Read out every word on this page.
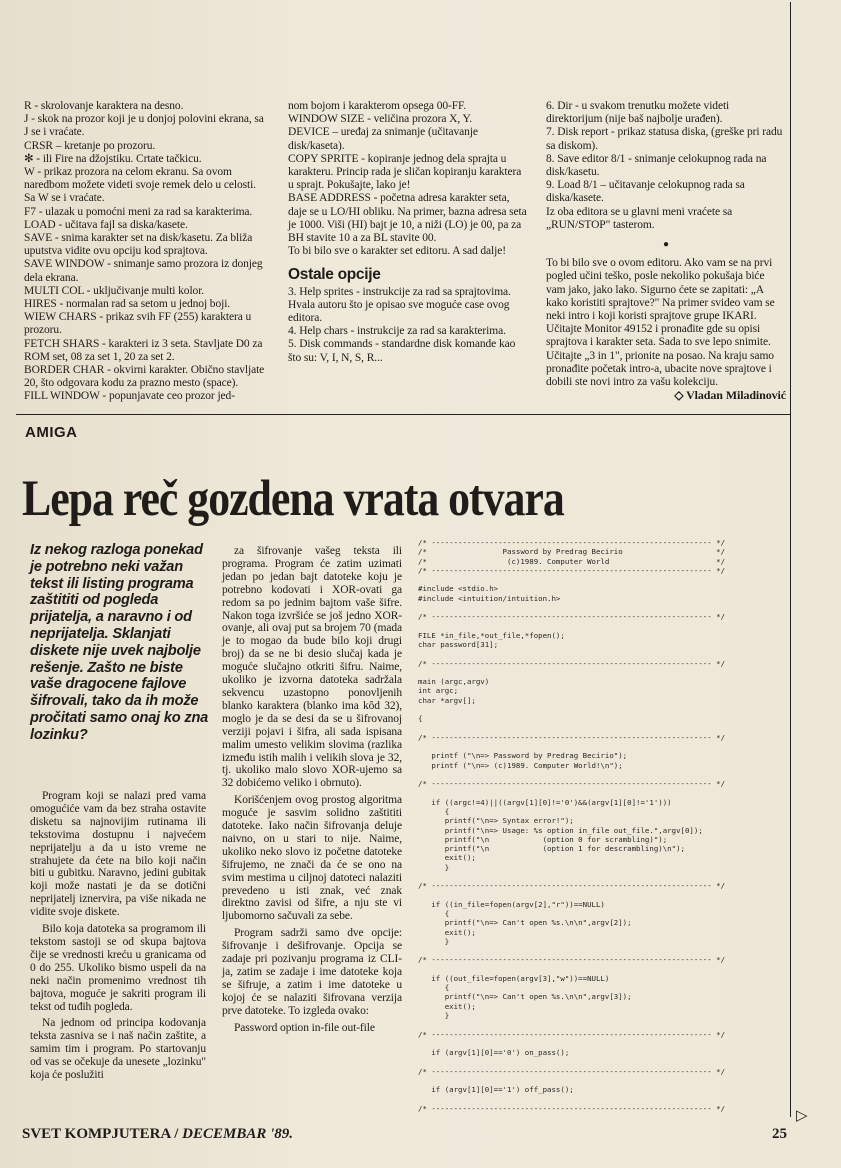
R - skrolovanje karaktera na desno.

J - skok na prozor koji je u donjoj polovini ekrana, sa J se i vraćate.

CRSR – kretanje po prozoru.

✻ - ili Fire na džojstiku. Crtate tačkicu.

W - prikaz prozora na celom ekranu. Sa ovom naredbom možete videti svoje remek delo u celosti. Sa W se i vraćate.

F7 - ulazak u pomoćni meni za rad sa karakterima.

LOAD - učitava fajl sa diska/kasete.

SAVE - snima karakter set na disk/kasetu. Za bliža uputstva vidite ovu opciju kod sprajtova.

SAVE WINDOW - snimanje samo prozora iz donjeg dela ekrana.

MULTI COL - uključivanje multi kolor.

HIRES - normalan rad sa setom u jednoj boji.

WIEW CHARS - prikaz svih FF (255) karaktera u prozoru.

FETCH SHARS - karakteri iz 3 seta. Stavljate D0 za ROM set, 08 za set 1, 20 za set 2.

BORDER CHAR - okvirni karakter. Obično stavljate 20, što odgovara kodu za prazno mesto (space).

FILL WINDOW - popunjavate ceo prozor jed-

nom bojom i karakterom opsega 00-FF.

WINDOW SIZE - veličina prozora X, Y.

DEVICE – uređaj za snimanje (učitavanje disk/kaseta).

COPY SPRITE - kopiranje jednog dela sprajta u karakteru. Princip rada je sličan kopiranju karaktera u sprajt. Pokušajte, lako je!

BASE ADDRESS - početna adresa karakter seta, daje se u LO/HI obliku. Na primer, bazna adresa seta je 1000. Viši (HI) bajt je 10, a niži (LO) je 00, pa za BH stavite 10 a za BL stavite 00.

To bi bilo sve o karakter set editoru. A sad dalje!

Ostale opcije

3. Help sprites - instrukcije za rad sa sprajtovima. Hvala autoru što je opisao sve moguće case ovog editora.

4. Help chars - instrukcije za rad sa karakterima.

5. Disk commands - standardne disk komande kao što su: V, I, N, S, R...

6. Dir - u svakom trenutku možete videti direktorijum (nije baš najbolje urađen).

7. Disk report - prikaz statusa diska, (greške pri radu sa diskom).

8. Save editor 8/1 - snimanje celokupnog rada na disk/kasetu.

9. Load 8/1 – učitavanje celokupnog rada sa diska/kasete.

Iz oba editora se u glavni meni vraćete sa „RUN/STOP" tasterom.

●

To bi bilo sve o ovom editoru. Ako vam se na prvi pogled učini teško, posle nekoliko pokušaja biće vam jako, jako lako. Sigurno ćete se zapitati: „A kako koristiti sprajtove?" Na primer svideo vam se neki intro i koji koristi sprajtove grupe IKARI. Učitajte Monitor 49152 i pronađite gde su opisi sprajtova i karakter seta. Sada to sve lepo snimite. Učitajte „3 in 1", prionite na posao. Na kraju samo pronađite početak intro-a, ubacite nove sprajtove i dobili ste novi intro za vašu kolekciju.

◇ Vladan Miladinović
AMIGA
Lepa reč gozdena vrata otvara
Iz nekog razloga ponekad je potrebno neki važan tekst ili listing programa zaštititi od pogleda prijatelja, a naravno i od neprijatelja. Sklanjati diskete nije uvek najbolje rešenje. Zašto ne biste vaše dragocene fajlove šifrovali, tako da ih može pročitati samo onaj ko zna lozinku?

Program koji se nalazi pred vama omogućiće vam da bez straha ostavite disketu sa najnovijim rutinama ili tekstovima dostupnu i najvećem neprijatelju a da u isto vreme ne strahujete da ćete na bilo koji način biti u gubitku. Naravno, jedini gubitak koji može nastati je da se dotični neprijatelj iznervira, pa više nikada ne vidite svoje diskete.

Bilo koja datoteka sa programom ili tekstom sastoji se od skupa bajtova čije se vrednosti kreću u granicama od 0 do 255. Ukoliko bismo uspeli da na neki način promenimo vrednost tih bajtova, moguće je sakriti program ili tekst od tuđih pogleda.

Na jednom od principa kodovanja teksta zasniva se i naš način zaštite, a samim tim i program. Po startovanju od vas se očekuje da unesete „lozinku" koja će poslužiti

za šifrovanje vašeg teksta ili programa. Program će zatim uzimati jedan po jedan bajt datoteke koju je potrebno kodovati i XOR-ovati ga redom sa po jednim bajtom vaše šifre. Nakon toga izvršiće se još jedno XOR-ovanje, ali ovaj put sa brojem 70 (mada je to mogao da bude bilo koji drugi broj) da se ne bi desio slučaj kada je moguće slučajno otkriti šifru. Naime, ukoliko je izvorna datoteka sadržala sekvencu uzastopno ponovljenih blanko karaktera (blanko ima kôd 32), moglo je da se desi da se u šifrovanoj verziji pojavi i šifra, ali sada ispisana malim umesto velikim slovima (razlika između istih malih i velikih slova je 32, tj. ukoliko malo slovo XOR-ujemo sa 32 dobićemo veliko i obrnuto).

Korišćenjem ovog prostog algoritma moguće je sasvim solidno zaštititi datoteke. Iako način šifrovanja deluje naivno, on u stari to nije. Naime, ukoliko neko slovo iz početne datoteke šifrujemo, ne znači da će se ono na svim mestima u ciljnoj datoteci nalaziti prevedeno u isti znak, već znak direktno zavisi od šifre, a nju ste vi ljubomorno sačuvali za sebe.

Program sadrži samo dve opcije: šifrovanje i dešifrovanje. Opcija se zadaje pri pozivanju programa iz CLI-ja, zatim se zadaje i ime datoteke koja se šifruje, a zatim i ime datoteke u kojoj će se nalaziti šifrovana verzija prve datoteke. To izgleda ovako:

Password option in-file out-file

/* --------------------------------------------------------------- */
/*                 Password by Predrag Becirio                     */
/*                  (c)1989. Computer World                        */
/* --------------------------------------------------------------- */
#include <stdio.h>
#include <intuition/intuition.h>
/* --------------------------------------------------------------- */
FILE *in_file,*out_file,*fopen();
char password[31];
/* --------------------------------------------------------------- */
main (argc,argv)
int argc;
char *argv[];
{
/* --------------------------------------------------------------- */
printf ("\n=> Password by Predrag Becirio");
printf ("\n=> (c)1989. Computer World!\n");
/* --------------------------------------------------------------- */
if ((argc!=4)||((argv[1][0]!='0')&&(argv[1][0]!='1')))
{
printf("\n=> Syntax error!");
printf("\n=> Usage: %s option in_file out_file.",argv[0]);
printf("\n            (option 0 for scrambling)");
printf("\n            (option 1 for descrambling)\n");
exit();
}
/* --------------------------------------------------------------- */
if ((in_file=fopen(argv[2],"r"))==NULL)
{
printf("\n=> Can't open %s.\n\n",argv[2]);
exit();
}
/* --------------------------------------------------------------- */
if ((out_file=fopen(argv[3],"w"))==NULL)
{
printf("\n=> Can't open %s.\n\n",argv[3]);
exit();
}
/* --------------------------------------------------------------- */
if (argv[1][0]=='0') on_pass();
/* --------------------------------------------------------------- */
if (argv[1][0]=='1') off_pass();
/* --------------------------------------------------------------- */
SVET KOMPJUTERA / DECEMBAR '89.	25
▷
